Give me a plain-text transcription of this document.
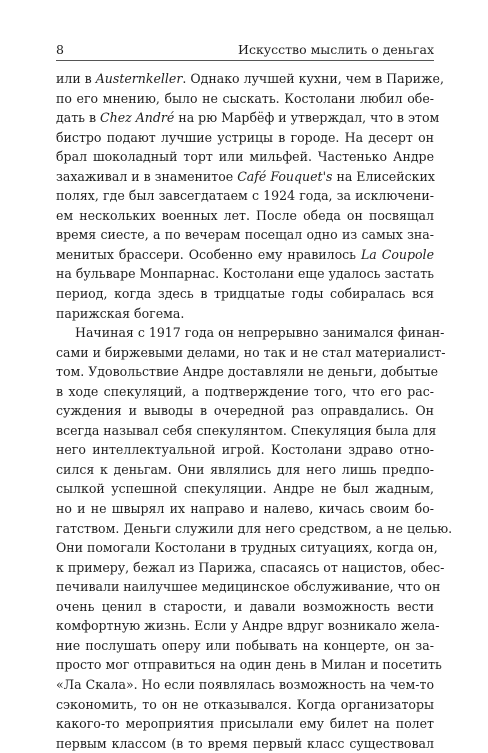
8	Искусство мыслить о деньгах
или в Austernkeller. Однако лучшей кухни, чем в Париже,
по его мнению, было не сыскать. Костолани любил обе-
дать в Chez André на рю Марбёф и утверждал, что в этом
бистро подают лучшие устрицы в городе. На десерт он
брал шоколадный торт или мильфей. Частенько Андре
захаживал и в знаменитое Café Fouquet's на Елисейских
полях, где был завсегдатаем с 1924 года, за исключени-
ем нескольких военных лет. После обеда он посвящал
время сиесте, а по вечерам посещал одно из самых зна-
менитых брассери. Особенно ему нравилось La Coupole
на бульваре Монпарнас. Костолани еще удалось застать
период, когда здесь в тридцатые годы собиралась вся
парижская богема.
Начиная с 1917 года он непрерывно занимался финан-
сами и биржевыми делами, но так и не стал материалист-
том. Удовольствие Андре доставляли не деньги, добытые
в ходе спекуляций, а подтверждение того, что его рас-
суждения и выводы в очередной раз оправдались. Он
всегда называл себя спекулянтом. Спекуляция была для
него интеллектуальной игрой. Костолани здраво отно-
сился к деньгам. Они являлись для него лишь предпо-
сылкой успешной спекуляции. Андре не был жадным,
но и не швырял их направо и налево, кичась своим бо-
гатством. Деньги служили для него средством, а не целью.
Они помогали Костолани в трудных ситуациях, когда он,
к примеру, бежал из Парижа, спасаясь от нацистов, обес-
печивали наилучшее медицинское обслуживание, что он
очень ценил в старости, и давали возможность вести
комфортную жизнь. Если у Андре вдруг возникало жела-
ние послушать оперу или побывать на концерте, он за-
просто мог отправиться на один день в Милан и посетить
«Ла Скала». Но если появлялась возможность на чем-то
сэкономить, то он не отказывался. Когда организаторы
какого-то мероприятия присылали ему билет на полет
первым классом (в то время первый класс существовал
